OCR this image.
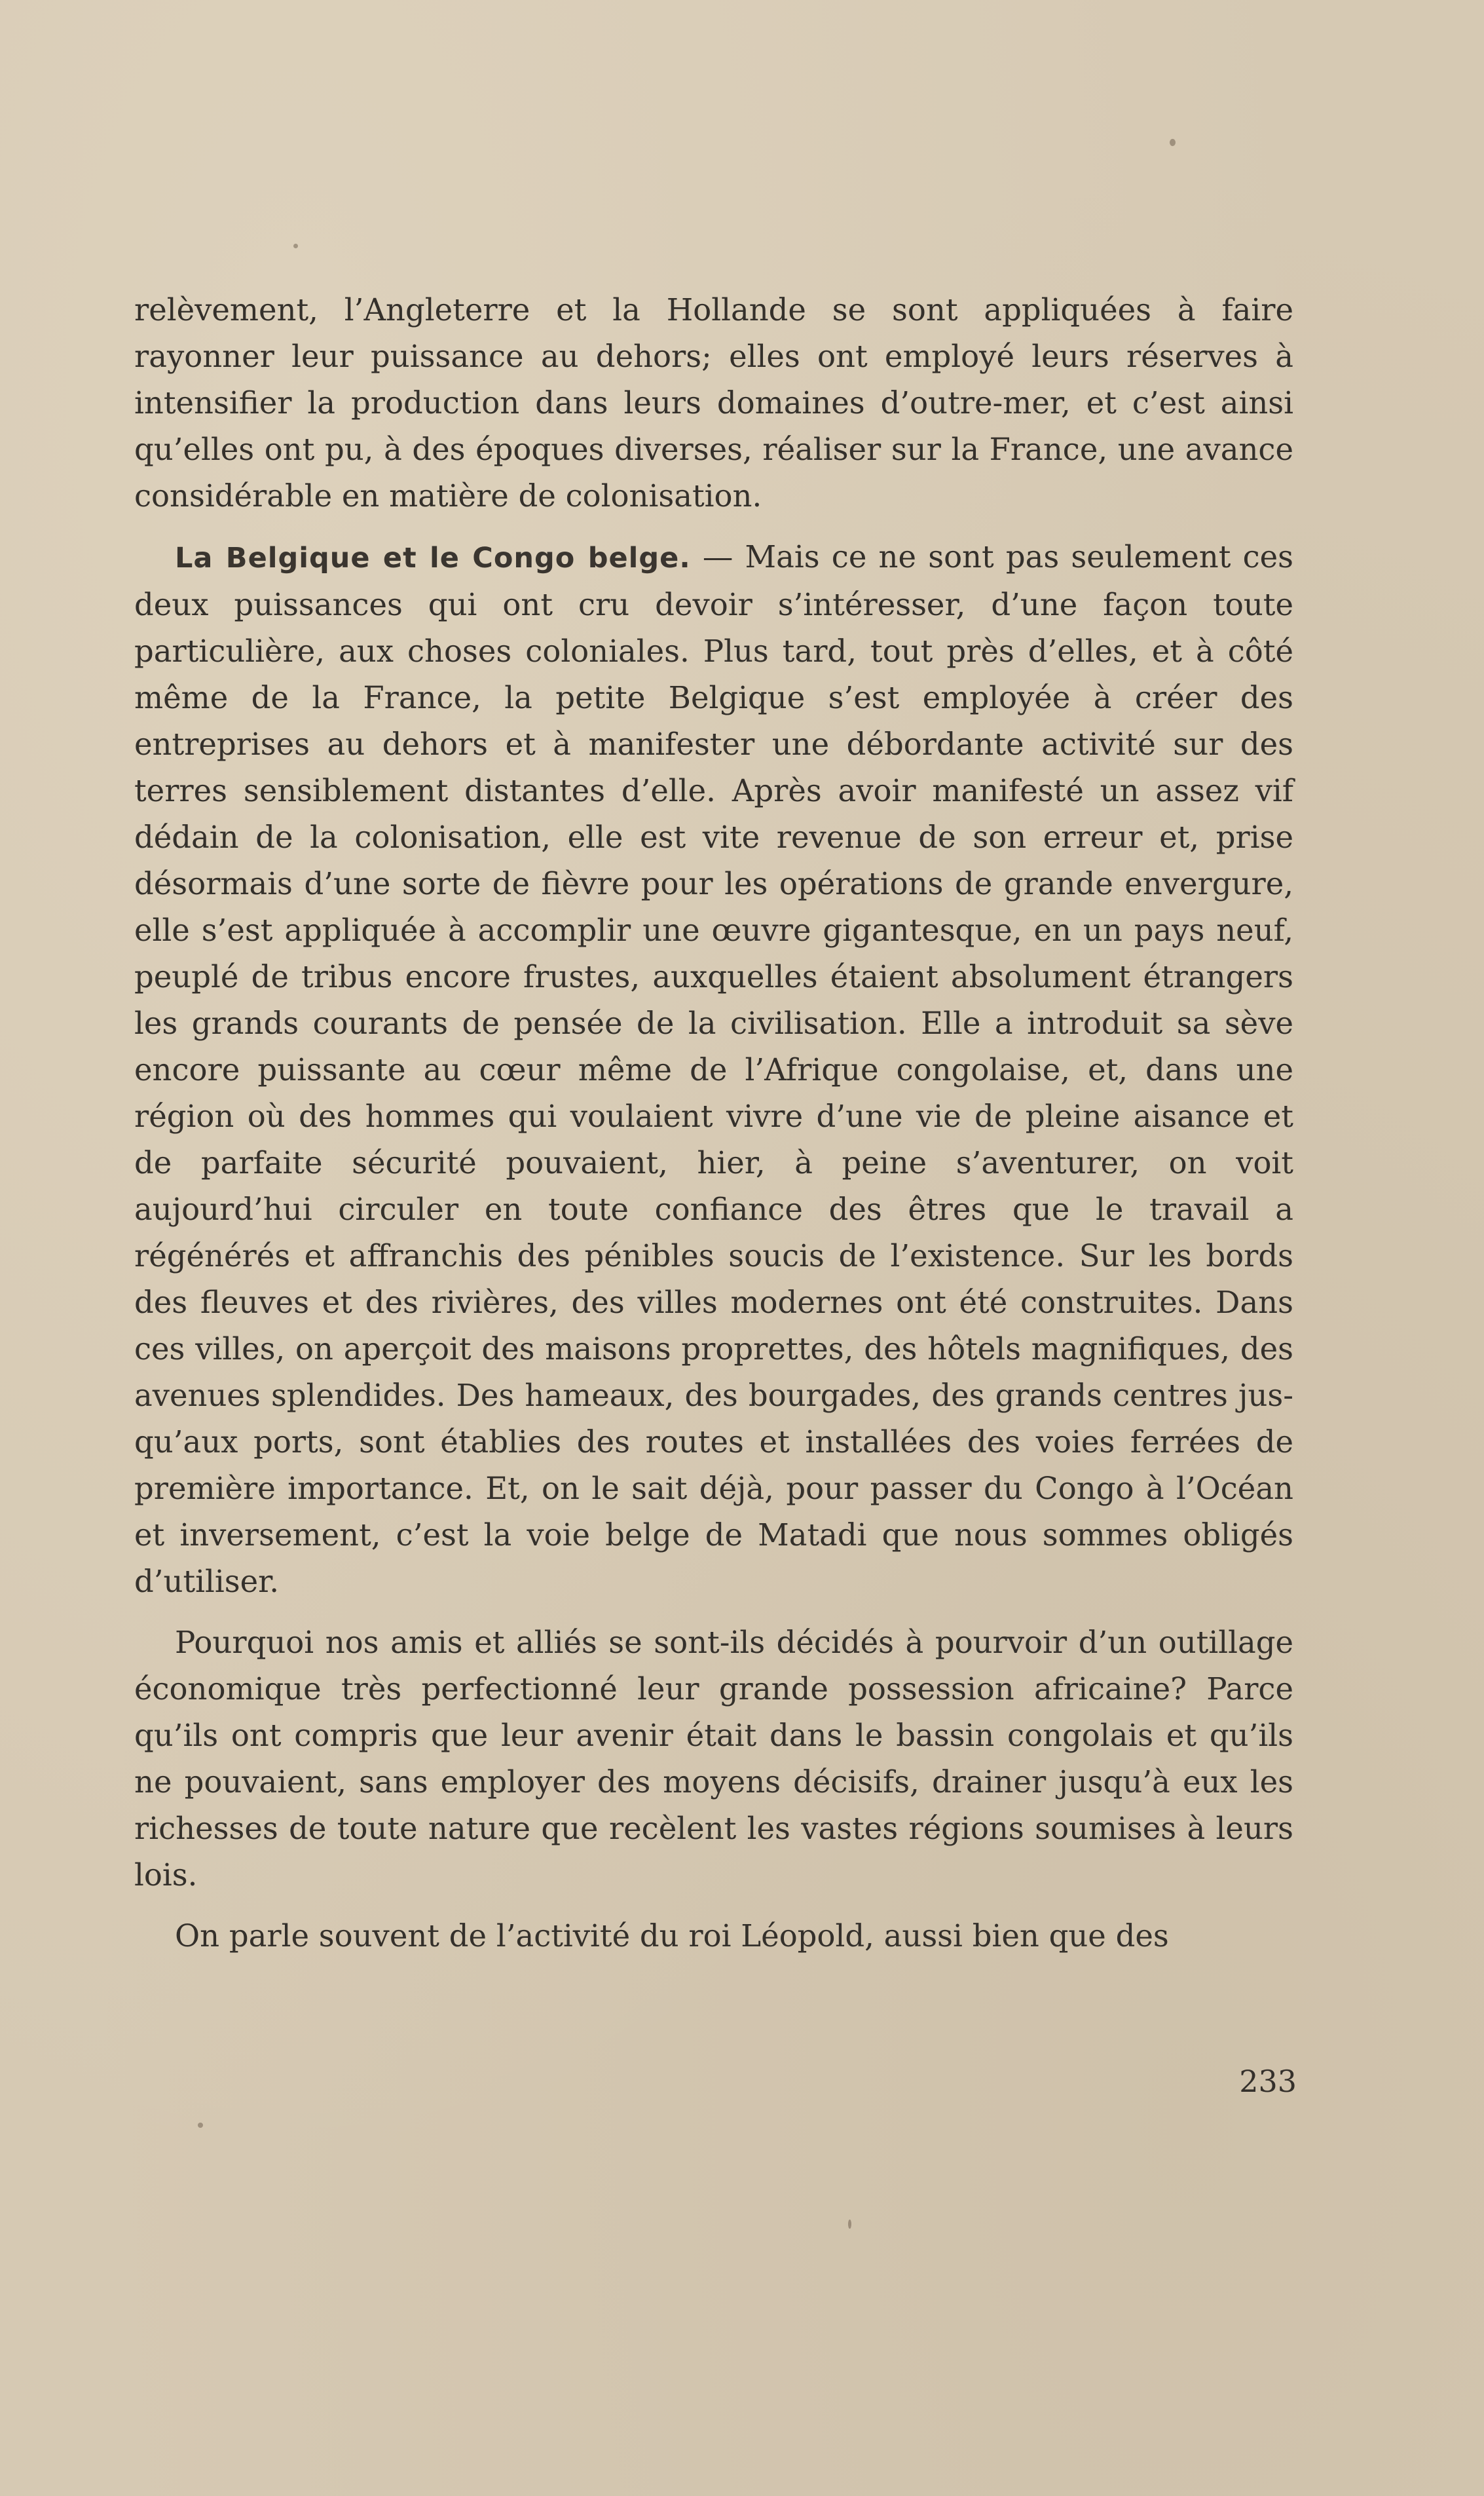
relèvement, l’Angleterre et la Hollande se sont appliquées à faire rayonner leur puissance au dehors; elles ont employé leurs réserves à intensifier la production dans leurs domaines d’outre-mer, et c’est ainsi qu’elles ont pu, à des époques diverses, réaliser sur la France, une avance considérable en matière de colonisation.

La Belgique et le Congo belge. — Mais ce ne sont pas seulement ces deux puissances qui ont cru devoir s’intéresser, d’une façon toute particulière, aux choses coloniales. Plus tard, tout près d’elles, et à côté même de la France, la petite Belgique s’est employée à créer des entreprises au dehors et à manifester une débordante activité sur des terres sensiblement distantes d’elle. Après avoir manifesté un assez vif dédain de la colonisation, elle est vite revenue de son erreur et, prise désormais d’une sorte de fièvre pour les opérations de grande envergure, elle s’est appliquée à accomplir une œuvre gigantesque, en un pays neuf, peuplé de tribus encore frustes, auxquelles étaient absolument étrangers les grands courants de pensée de la civilisation. Elle a introduit sa sève encore puissante au cœur même de l’Afrique congolaise, et, dans une région où des hommes qui voulaient vivre d’une vie de pleine aisance et de parfaite sécurité pouvaient, hier, à peine s’aventurer, on voit aujourd’hui circuler en toute confiance des êtres que le travail a régénérés et affranchis des pénibles soucis de l’existence. Sur les bords des fleuves et des rivières, des villes modernes ont été construites. Dans ces villes, on aperçoit des maisons proprettes, des hôtels magnifiques, des avenues splendides. Des hameaux, des bourgades, des grands centres jusqu’aux ports, sont établies des routes et installées des voies ferrées de première importance. Et, on le sait déjà, pour passer du Congo à l’Océan et inversement, c’est la voie belge de Matadi que nous sommes obligés d’utiliser.

Pourquoi nos amis et alliés se sont-ils décidés à pourvoir d’un outillage économique très perfectionné leur grande possession africaine? Parce qu’ils ont compris que leur avenir était dans le bassin congolais et qu’ils ne pouvaient, sans employer des moyens décisifs, drainer jusqu’à eux les richesses de toute nature que recèlent les vastes régions soumises à leurs lois.

On parle souvent de l’activité du roi Léopold, aussi bien que des

233
